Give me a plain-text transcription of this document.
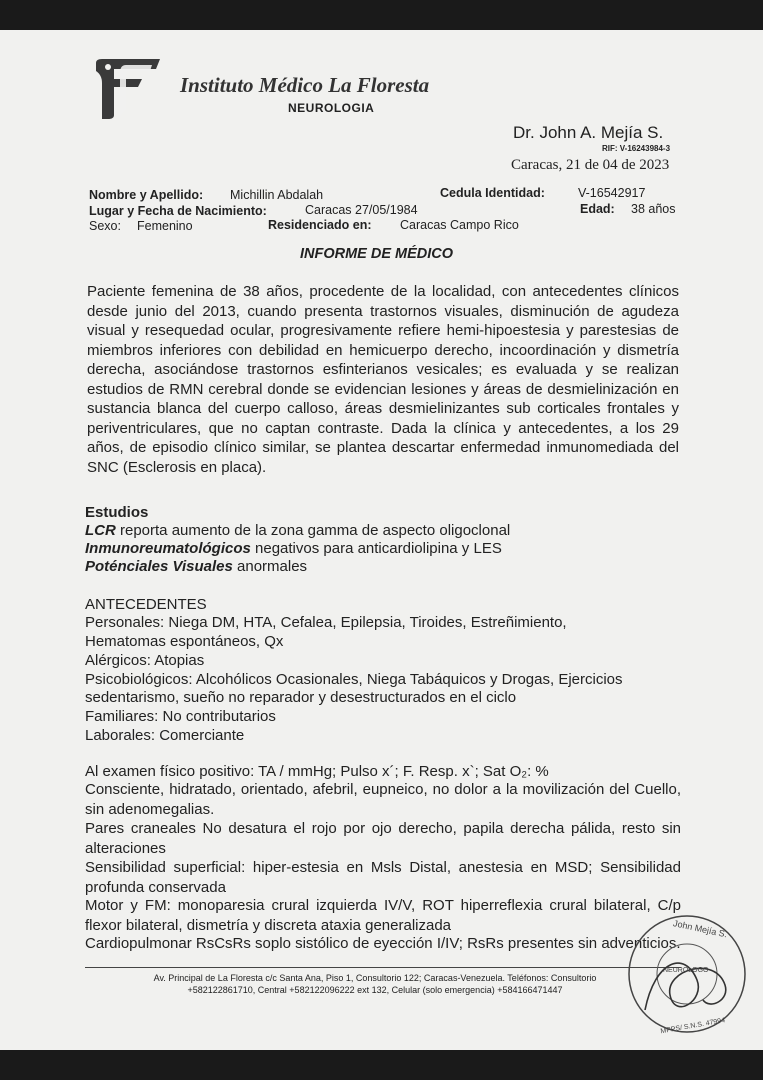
Instituto Médico La Floresta
NEUROLOGIA
Dr. John A. Mejía S.
RIF: V-16243984-3
Caracas, 21 de 04 de 2023
Nombre y Apellido: Michillin Abdalah	Cedula Identidad:	V-16542917
Lugar y Fecha de Nacimiento:	Caracas 27/05/1984	Edad: 38 años
Sexo: Femenino	Residenciado en: Caracas Campo Rico
INFORME DE MÉDICO
Paciente femenina de 38 años, procedente de la localidad, con antecedentes clínicos desde junio del 2013, cuando presenta trastornos visuales, disminución de agudeza visual y resequedad ocular, progresivamente refiere hemi-hipoestesia y parestesias de miembros inferiores con debilidad en hemicuerpo derecho, incoordinación y dismetría derecha, asociándose trastornos esfinterianos vesicales; es evaluada y se realizan estudios de RMN cerebral donde se evidencian lesiones y áreas de desmielinización en sustancia blanca del cuerpo calloso, áreas desmielinizantes sub corticales frontales y periventriculares, que no captan contraste. Dada la clínica y antecedentes, a los 29 años, de episodio clínico similar, se plantea descartar enfermedad inmunomediada del SNC (Esclerosis en placa).
Estudios
LCR reporta aumento de la zona gamma de aspecto oligoclonal
Inmunoreumatológicos negativos para anticardiolipina y LES
Poténciales Visuales anormales
ANTECEDENTES
Personales: Niega DM, HTA, Cefalea, Epilepsia, Tiroides, Estreñimiento,
Hematomas espontáneos, Qx
Alérgicos: Atopias
Psicobiológicos: Alcohólicos Ocasionales, Niega Tabáquicos y Drogas, Ejercicios
sedentarismo, sueño no reparador y desestructurados en el ciclo
Familiares: No contributarios
Laborales: Comerciante
Al examen físico positivo: TA / mmHg; Pulso x´; F. Resp. x`; Sat O₂: %
Consciente, hidratado, orientado, afebril, eupneico, no dolor a la movilización del Cuello, sin adenomegalias.
Pares craneales No desatura el rojo por ojo derecho, papila derecha pálida, resto sin alteraciones
Sensibilidad superficial: hiper-estesia en Msls Distal, anestesia en MSD; Sensibilidad profunda conservada
Motor y FM: monoparesia crural izquierda IV/V, ROT hiperreflexia crural bilateral, C/p flexor bilateral, dismetría y discreta ataxia generalizada
Cardiopulmonar RsCsRs soplo sistólico de eyección I/IV; RsRs presentes sin adventicios.
Av. Principal de La Floresta c/c Santa Ana, Piso 1, Consultorio 122; Caracas-Venezuela. Teléfonos: Consultorio
+582122861710, Central +582122096222 ext 132, Celular (solo emergencia) +584166471447
John Mejía S.
NEUROLOGO
MPPS/ S.N.S. 47994
